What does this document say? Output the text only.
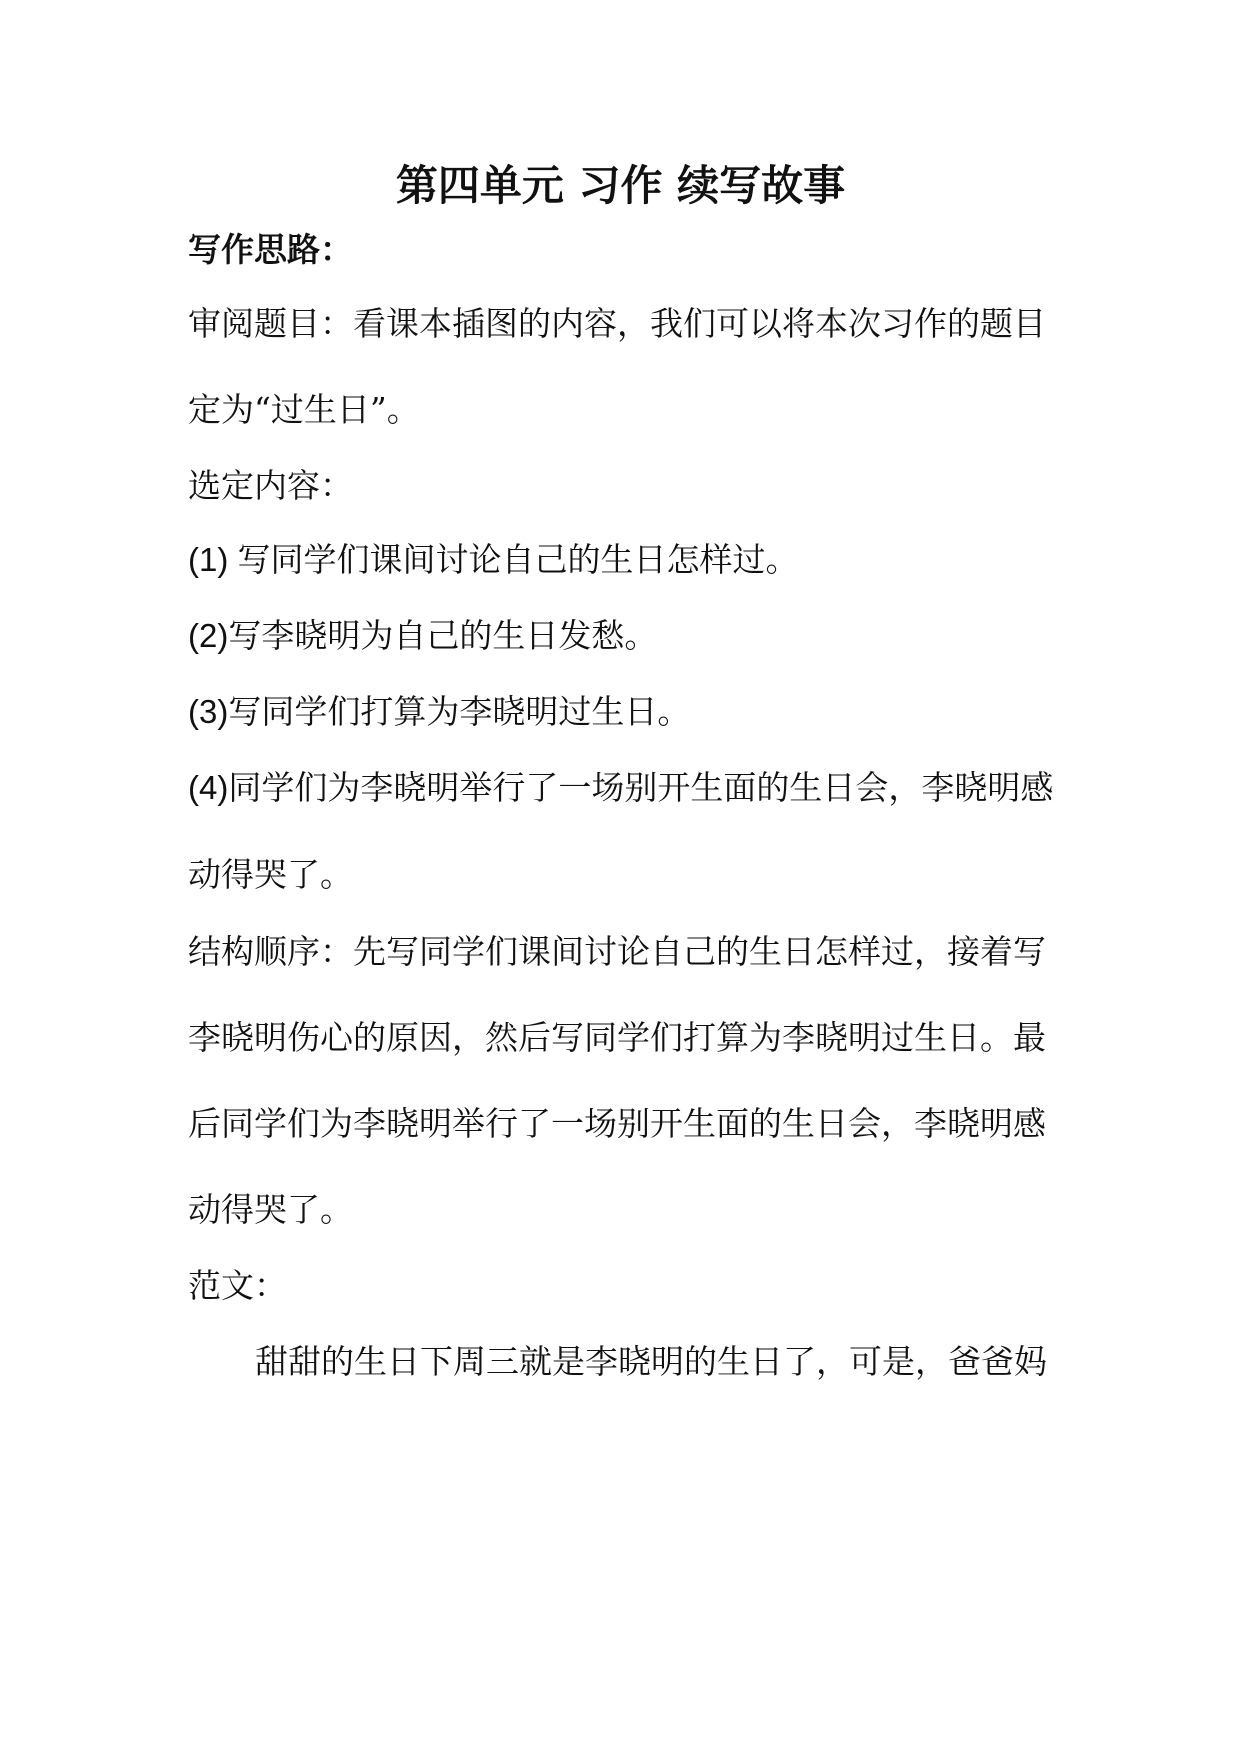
第四单元 习作 续写故事
写作思路：
审阅题目：看课本插图的内容，我们可以将本次习作的题目
定为“过生日”。
选定内容：
(1) 写同学们课间讨论自己的生日怎样过。
(2)写李晓明为自己的生日发愁。
(3)写同学们打算为李晓明过生日。
(4)同学们为李晓明举行了一场别开生面的生日会，李晓明感
动得哭了。
结构顺序：先写同学们课间讨论自己的生日怎样过，接着写
李晓明伤心的原因，然后写同学们打算为李晓明过生日。最
后同学们为李晓明举行了一场别开生面的生日会，李晓明感
动得哭了。
范文：
甜甜的生日下周三就是李晓明的生日了，可是，爸爸妈
